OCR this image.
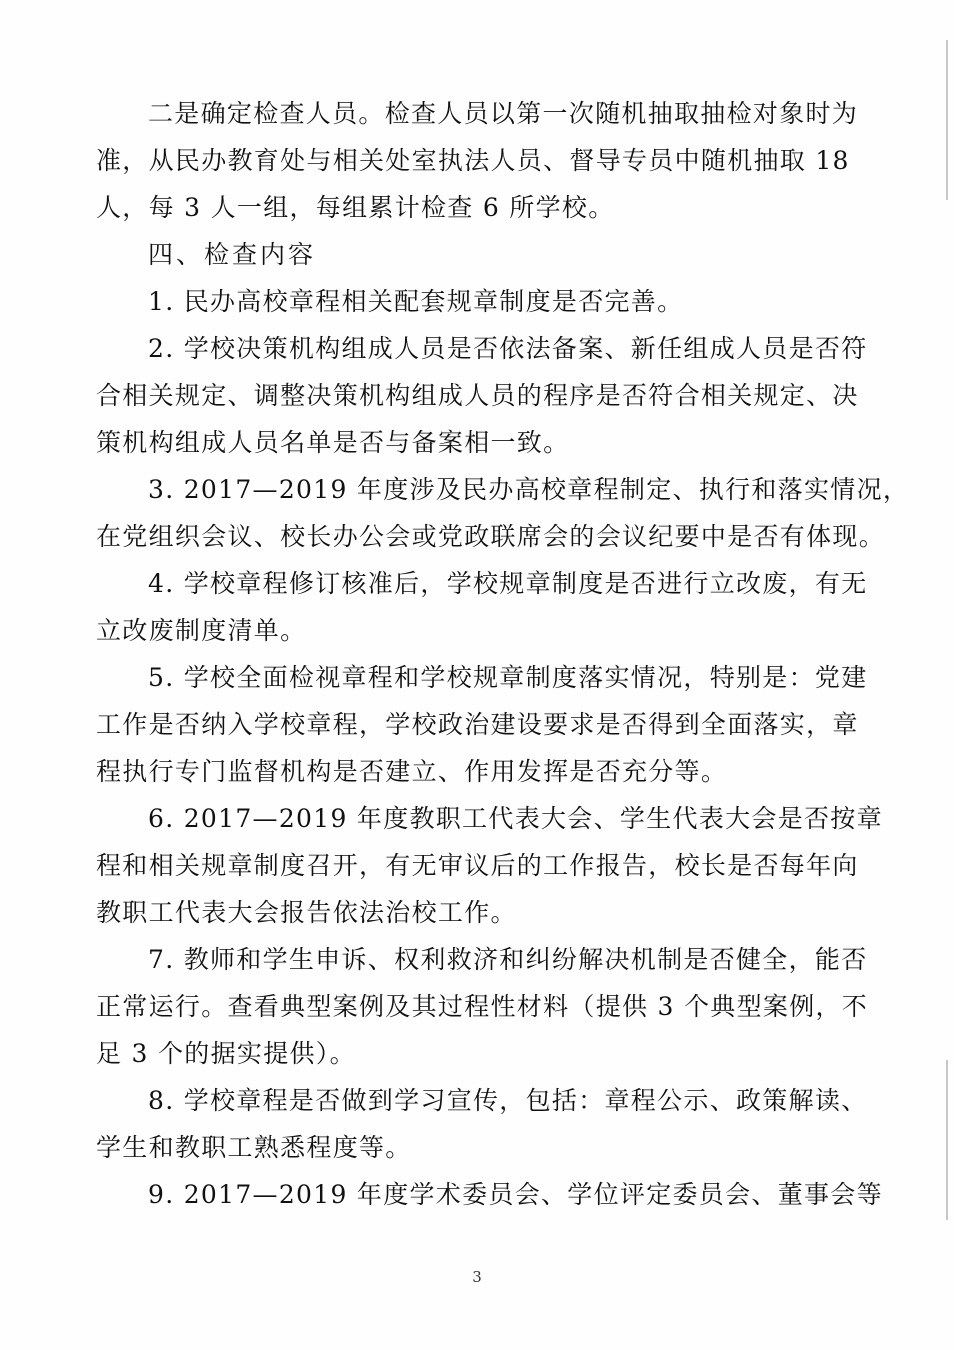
二是确定检查人员。检查人员以第一次随机抽取抽检对象时为
准，从民办教育处与相关处室执法人员、督导专员中随机抽取 18
人，每 3 人一组，每组累计检查 6 所学校。
四、检查内容
1. 民办高校章程相关配套规章制度是否完善。
2. 学校决策机构组成人员是否依法备案、新任组成人员是否符
合相关规定、调整决策机构组成人员的程序是否符合相关规定、决
策机构组成人员名单是否与备案相一致。
3. 2017—2019 年度涉及民办高校章程制定、执行和落实情况，
在党组织会议、校长办公会或党政联席会的会议纪要中是否有体现。
4. 学校章程修订核准后，学校规章制度是否进行立改废，有无
立改废制度清单。
5. 学校全面检视章程和学校规章制度落实情况，特别是：党建
工作是否纳入学校章程，学校政治建设要求是否得到全面落实，章
程执行专门监督机构是否建立、作用发挥是否充分等。
6. 2017—2019 年度教职工代表大会、学生代表大会是否按章
程和相关规章制度召开，有无审议后的工作报告，校长是否每年向
教职工代表大会报告依法治校工作。
7. 教师和学生申诉、权利救济和纠纷解决机制是否健全，能否
正常运行。查看典型案例及其过程性材料（提供 3 个典型案例，不
足 3 个的据实提供）。
8. 学校章程是否做到学习宣传，包括：章程公示、政策解读、
学生和教职工熟悉程度等。
9. 2017—2019 年度学术委员会、学位评定委员会、董事会等
3
